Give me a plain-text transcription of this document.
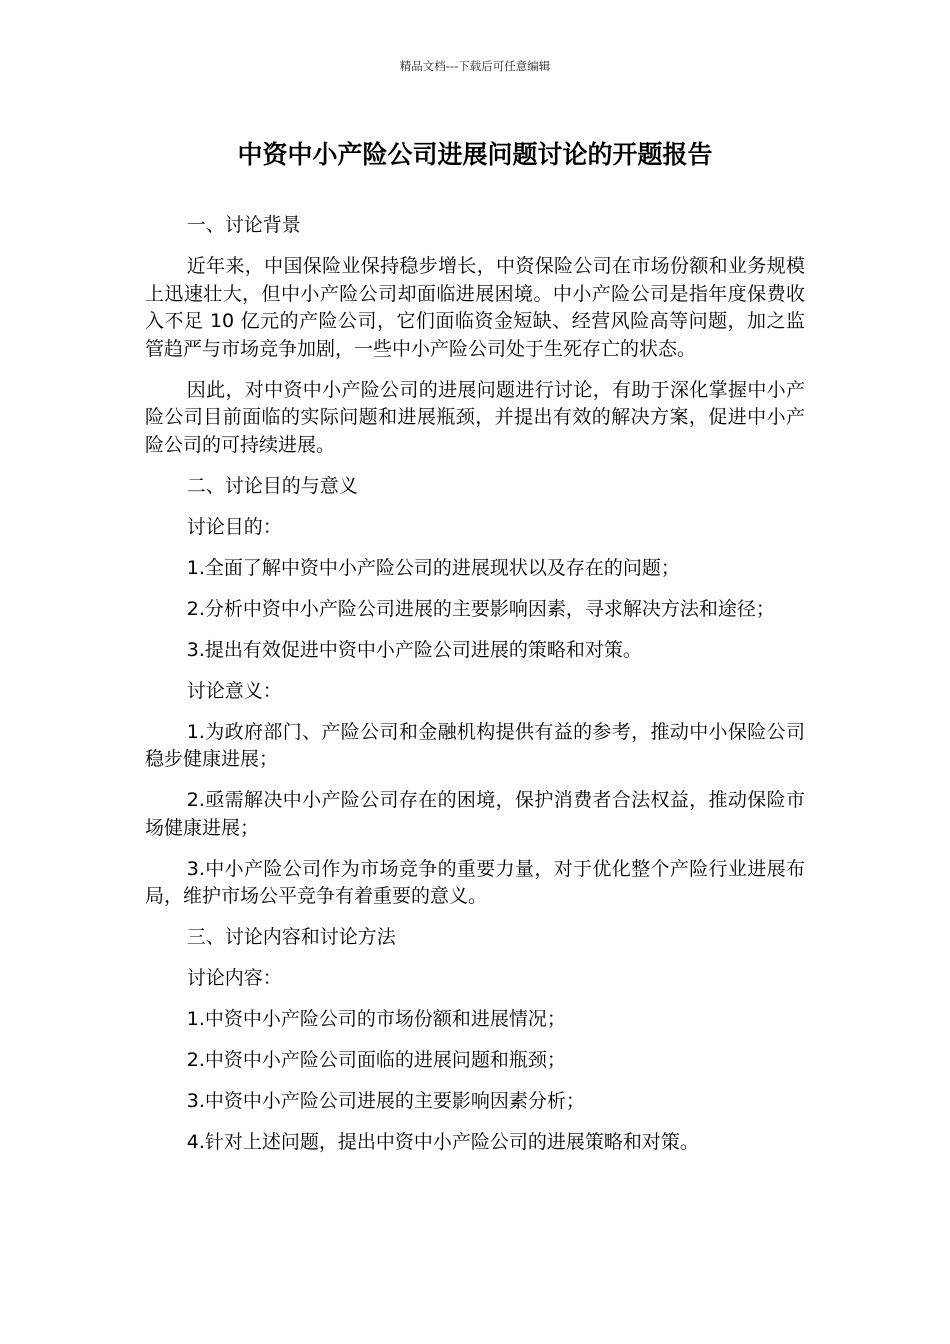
精品文档---下载后可任意编辑
中资中小产险公司进展问题讨论的开题报告

一、讨论背景

近年来，中国保险业保持稳步增长，中资保险公司在市场份额和业务规模上迅速壮大，但中小产险公司却面临进展困境。中小产险公司是指年度保费收入不足 10 亿元的产险公司，它们面临资金短缺、经营风险高等问题，加之监管趋严与市场竞争加剧，一些中小产险公司处于生死存亡的状态。

因此，对中资中小产险公司的进展问题进行讨论，有助于深化掌握中小产险公司目前面临的实际问题和进展瓶颈，并提出有效的解决方案，促进中小产险公司的可持续进展。

二、讨论目的与意义

讨论目的：

1.全面了解中资中小产险公司的进展现状以及存在的问题；

2.分析中资中小产险公司进展的主要影响因素，寻求解决方法和途径；

3.提出有效促进中资中小产险公司进展的策略和对策。

讨论意义：

1.为政府部门、产险公司和金融机构提供有益的参考，推动中小保险公司稳步健康进展；

2.亟需解决中小产险公司存在的困境，保护消费者合法权益，推动保险市场健康进展；

3.中小产险公司作为市场竞争的重要力量，对于优化整个产险行业进展布局，维护市场公平竞争有着重要的意义。

三、讨论内容和讨论方法

讨论内容：

1.中资中小产险公司的市场份额和进展情况；

2.中资中小产险公司面临的进展问题和瓶颈；

3.中资中小产险公司进展的主要影响因素分析；

4.针对上述问题，提出中资中小产险公司的进展策略和对策。
